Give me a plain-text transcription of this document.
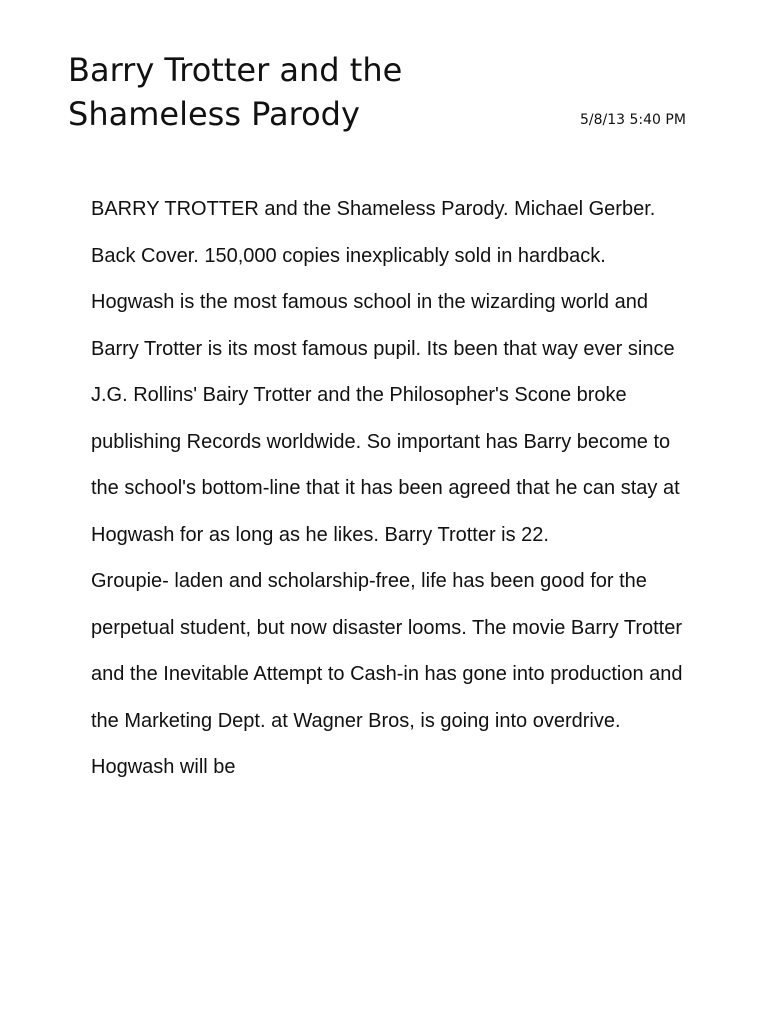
Barry Trotter and the Shameless Parody	5/8/13 5:40 PM

BARRY TROTTER and the Shameless Parody. Michael Gerber. Back Cover. 150,000 copies inexplicably sold in hardback.

Hogwash is the most famous school in the wizarding world and Barry Trotter is its most famous pupil. Its been that way ever since J.G. Rollins' Bairy Trotter and the Philosopher's Scone broke publishing Records worldwide. So important has Barry become to the school's bottom-line that it has been agreed that he can stay at Hogwash for as long as he likes. Barry Trotter is 22.

Groupie- laden and scholarship-free, life has been good for the perpetual student, but now disaster looms. The movie Barry Trotter and the Inevitable Attempt to Cash-in has gone into production and the Marketing Dept. at Wagner Bros, is going into overdrive. Hogwash will be
